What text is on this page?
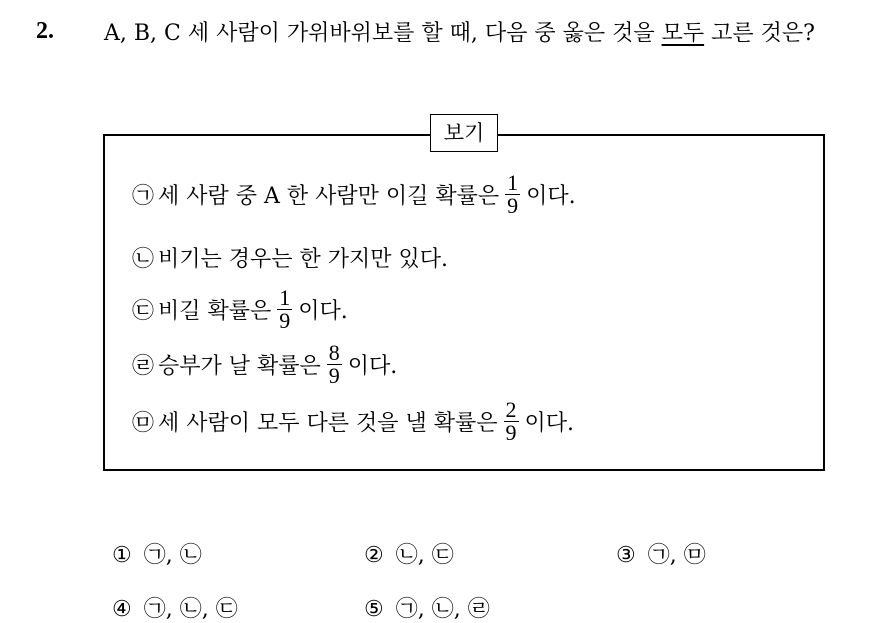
2. A, B, C 세 사람이 가위바위보를 할 때, 다음 중 옳은 것을 모두 고른 것은?
보기
㉠ 세 사람 중 A 한 사람만 이길 확률은 $\frac{1}{9}$ 이다.
㉡ 비기는 경우는 한 가지만 있다.
㉢ 비길 확률은 $\frac{1}{9}$ 이다.
㉣ 승부가 날 확률은 $\frac{8}{9}$ 이다.
㉤ 세 사람이 모두 다른 것을 낼 확률은 $\frac{2}{9}$ 이다.
① ㉠, ㉡	② ㉡, ㉢	③ ㉠, ㉤
④ ㉠, ㉡, ㉢	⑤ ㉠, ㉡, ㉣
